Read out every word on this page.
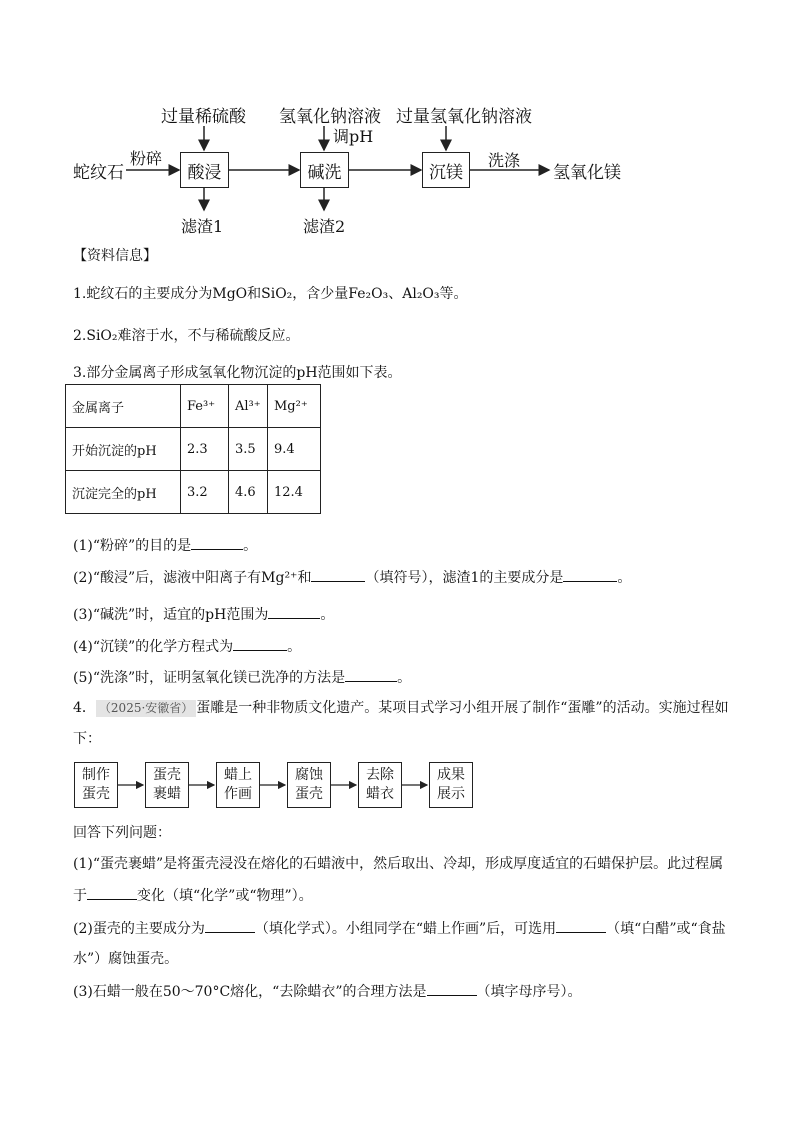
过量稀硫酸 氢氧化钠溶液
调pH
过量氢氧化钠溶液
蛇纹石
粉碎
酸浸	碱洗	沉镁
洗涤
氢氧化镁
滤渣1	滤渣2
【资料信息】
1.蛇纹石的主要成分为MgO和SiO₂，含少量Fe₂O₃、Al₂O₃等。
2.SiO₂难溶于水，不与稀硫酸反应。
3.部分金属离子形成氢氧化物沉淀的pH范围如下表。
金属离子	Fe³⁺	Al³⁺	Mg²⁺
开始沉淀的pH	2.3	3.5	9.4
沉淀完全的pH	3.2	4.6	12.4
(1)“粉碎”的目的是	。
(2)“酸浸”后，滤液中阳离子有Mg²⁺和	（填符号），滤渣1的主要成分是	。
(3)“碱洗”时，适宜的pH范围为	。
(4)“沉镁”的化学方程式为	。
(5)“洗涤”时，证明氢氧化镁已洗净的方法是	。
4． （2025·安徽省） 蛋雕是一种非物质文化遗产。某项目式学习小组开展了制作“蛋雕”的活动。实施过程如
下：
制作
蛋壳
蛋壳
裹蜡
蜡上
作画
腐蚀
蛋壳
去除
蜡衣
成果
展示
回答下列问题：
(1)“蛋壳裹蜡”是将蛋壳浸没在熔化的石蜡液中，然后取出、冷却，形成厚度适宜的石蜡保护层。此过程属
于	变化（填“化学”或“物理”）。
(2)蛋壳的主要成分为	（填化学式）。小组同学在“蜡上作画”后，可选用	（填“白醋”或“食盐
水”）腐蚀蛋壳。
(3)石蜡一般在50～70°C熔化，“去除蜡衣”的合理方法是	（填字母序号）。
